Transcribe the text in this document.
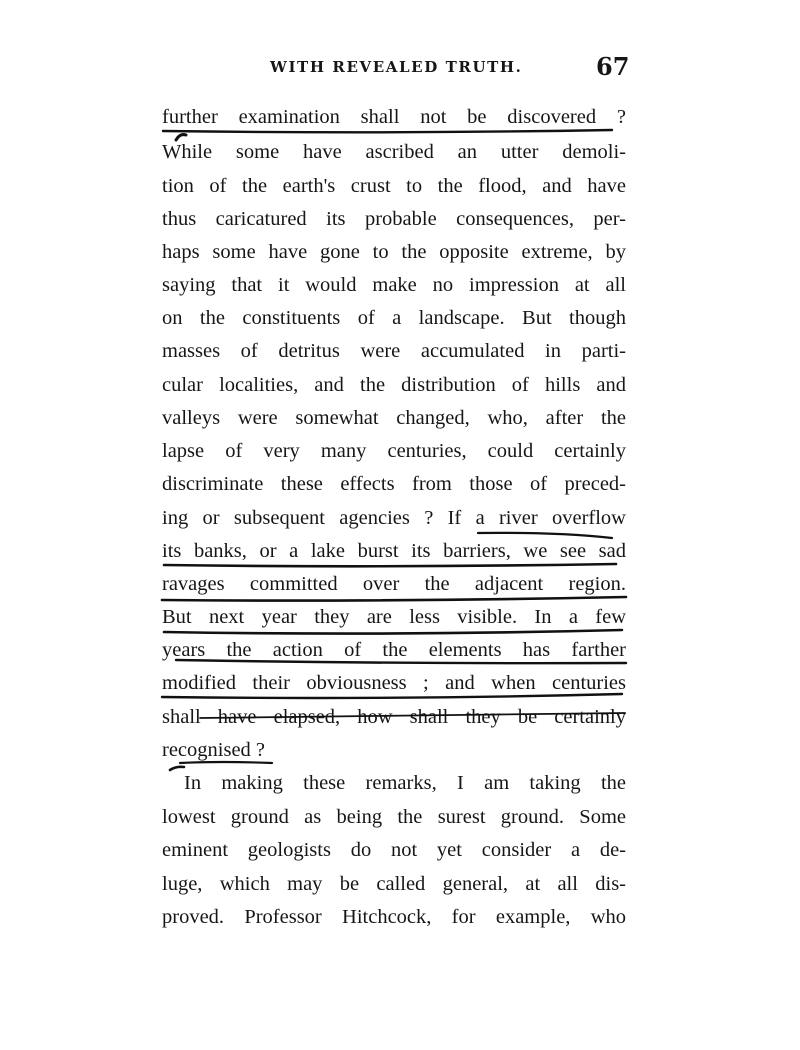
WITH REVEALED TRUTH.	67
further examination shall not be discovered ?
While some have ascribed an utter demoli-
tion of the earth's crust to the flood, and have
thus caricatured its probable consequences, per-
haps some have gone to the opposite extreme, by
saying that it would make no impression at all
on the constituents of a landscape. But though
masses of detritus were accumulated in parti-
cular localities, and the distribution of hills and
valleys were somewhat changed, who, after the
lapse of very many centuries, could certainly
discriminate these effects from those of preced-
ing or subsequent agencies ? If a river overflow
its banks, or a lake burst its barriers, we see sad
ravages committed over the adjacent region.
But next year they are less visible. In a few
years the action of the elements has farther
modified their obviousness ; and when centuries
shall have elapsed, how shall they be certainly
recognised ?
In making these remarks, I am taking the
lowest ground as being the surest ground. Some
eminent geologists do not yet consider a de-
luge, which may be called general, at all dis-
proved. Professor Hitchcock, for example, who
